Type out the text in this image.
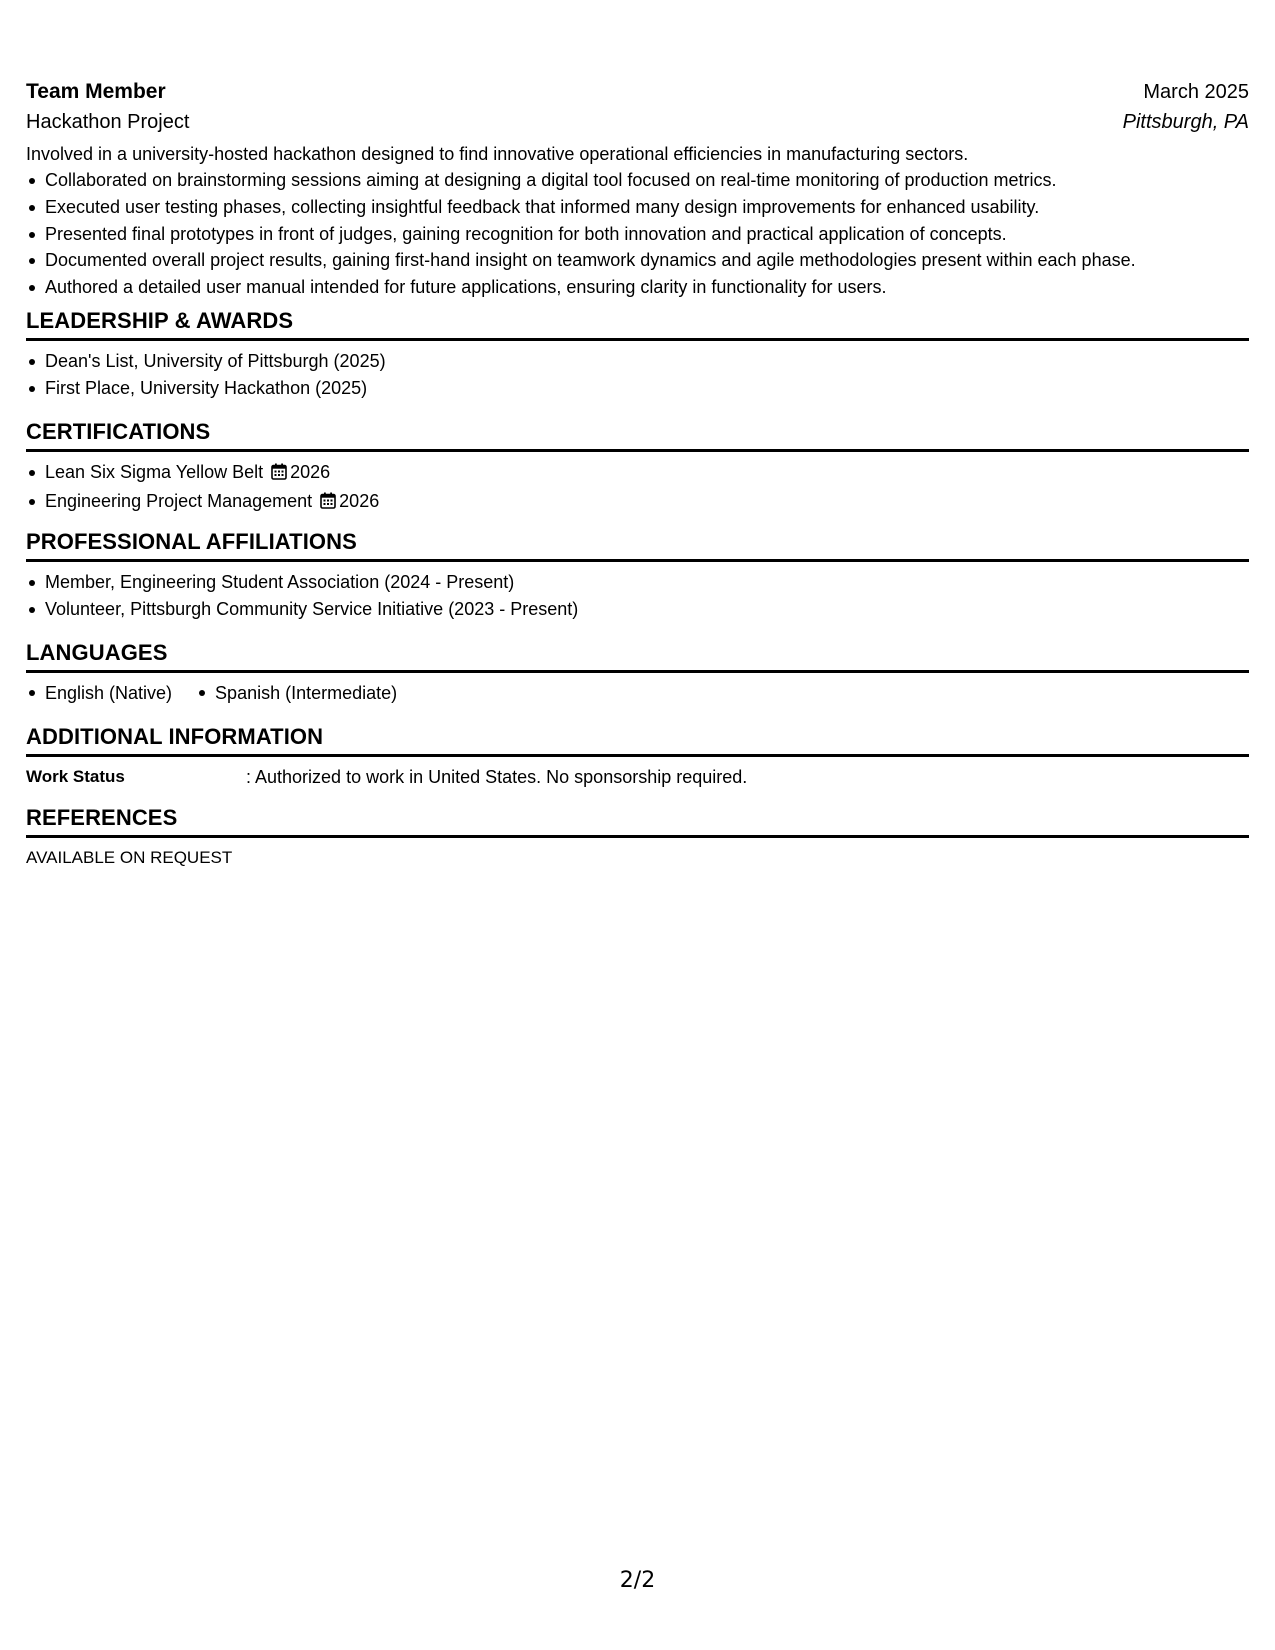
Team Member	March 2025
Hackathon Project	Pittsburgh, PA
Involved in a university-hosted hackathon designed to find innovative operational efficiencies in manufacturing sectors.
Collaborated on brainstorming sessions aiming at designing a digital tool focused on real-time monitoring of production metrics.
Executed user testing phases, collecting insightful feedback that informed many design improvements for enhanced usability.
Presented final prototypes in front of judges, gaining recognition for both innovation and practical application of concepts.
Documented overall project results, gaining first-hand insight on teamwork dynamics and agile methodologies present within each phase.
Authored a detailed user manual intended for future applications, ensuring clarity in functionality for users.
LEADERSHIP & AWARDS
Dean's List, University of Pittsburgh (2025)
First Place, University Hackathon (2025)
CERTIFICATIONS
Lean Six Sigma Yellow Belt 2026
Engineering Project Management 2026
PROFESSIONAL AFFILIATIONS
Member, Engineering Student Association (2024 - Present)
Volunteer, Pittsburgh Community Service Initiative (2023 - Present)
LANGUAGES
English (Native)	Spanish (Intermediate)
ADDITIONAL INFORMATION
Work Status	: Authorized to work in United States. No sponsorship required.
REFERENCES
AVAILABLE ON REQUEST
2/2
